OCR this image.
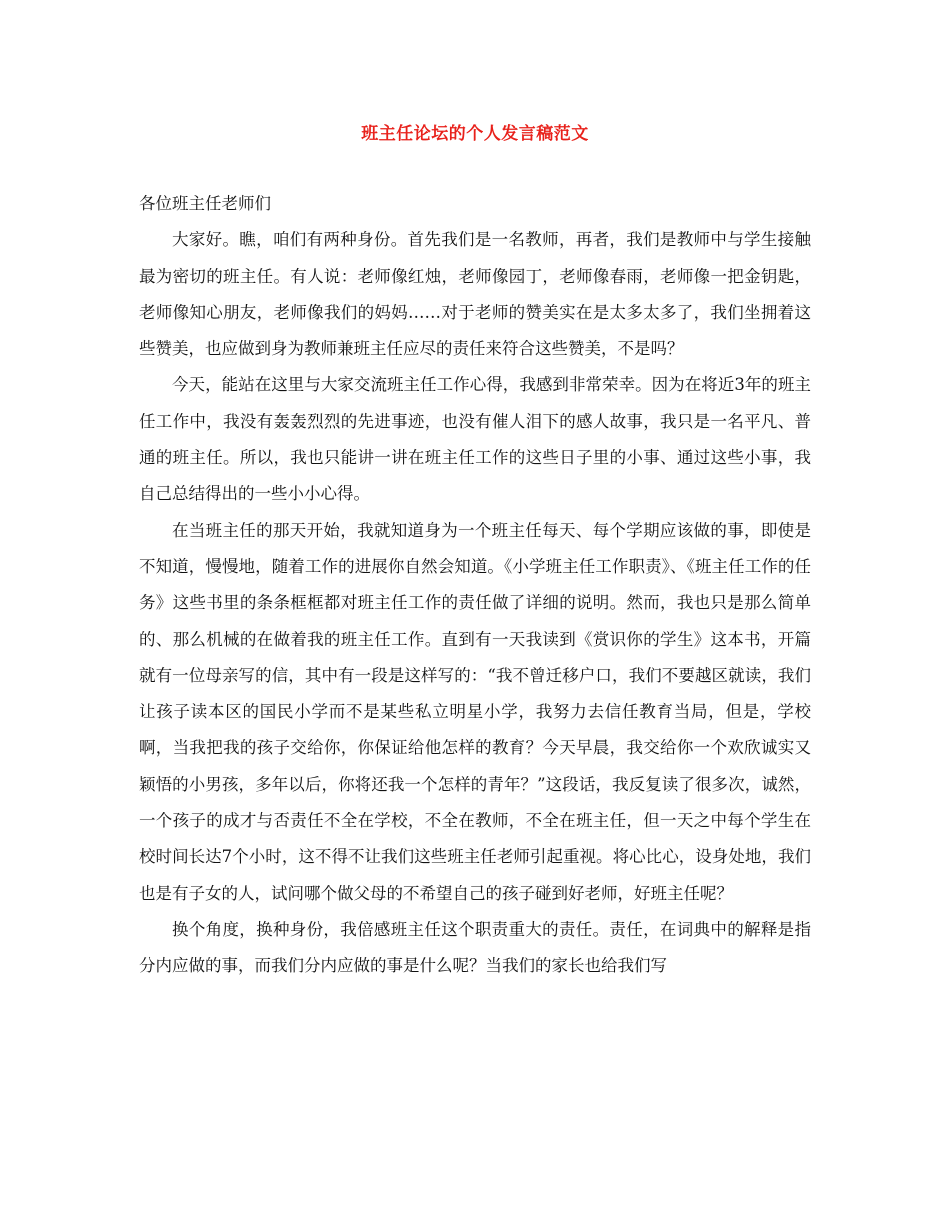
班主任论坛的个人发言稿范文

各位班主任老师们

大家好。瞧，咱们有两种身份。首先我们是一名教师，再者，我们是教师中与学生接触最为密切的班主任。有人说：老师像红烛，老师像园丁，老师像春雨，老师像一把金钥匙，老师像知心朋友，老师像我们的妈妈……对于老师的赞美实在是太多太多了，我们坐拥着这些赞美，也应做到身为教师兼班主任应尽的责任来符合这些赞美，不是吗？

今天，能站在这里与大家交流班主任工作心得，我感到非常荣幸。因为在将近3年的班主任工作中，我没有轰轰烈烈的先进事迹，也没有催人泪下的感人故事，我只是一名平凡、普通的班主任。所以，我也只能讲一讲在班主任工作的这些日子里的小事、通过这些小事，我自己总结得出的一些小小心得。

在当班主任的那天开始，我就知道身为一个班主任每天、每个学期应该做的事，即使是不知道，慢慢地，随着工作的进展你自然会知道。《小学班主任工作职责》、《班主任工作的任务》这些书里的条条框框都对班主任工作的责任做了详细的说明。然而，我也只是那么简单的、那么机械的在做着我的班主任工作。直到有一天我读到《赏识你的学生》这本书，开篇就有一位母亲写的信，其中有一段是这样写的：“我不曾迁移户口，我们不要越区就读，我们让孩子读本区的国民小学而不是某些私立明星小学，我努力去信任教育当局，但是，学校啊，当我把我的孩子交给你，你保证给他怎样的教育？今天早晨，我交给你一个欢欣诚实又颖悟的小男孩，多年以后，你将还我一个怎样的青年？”这段话，我反复读了很多次，诚然，一个孩子的成才与否责任不全在学校，不全在教师，不全在班主任，但一天之中每个学生在校时间长达7个小时，这不得不让我们这些班主任老师引起重视。将心比心，设身处地，我们也是有子女的人，试问哪个做父母的不希望自己的孩子碰到好老师，好班主任呢？

换个角度，换种身份，我倍感班主任这个职责重大的责任。责任，在词典中的解释是指分内应做的事，而我们分内应做的事是什么呢？当我们的家长也给我们写
